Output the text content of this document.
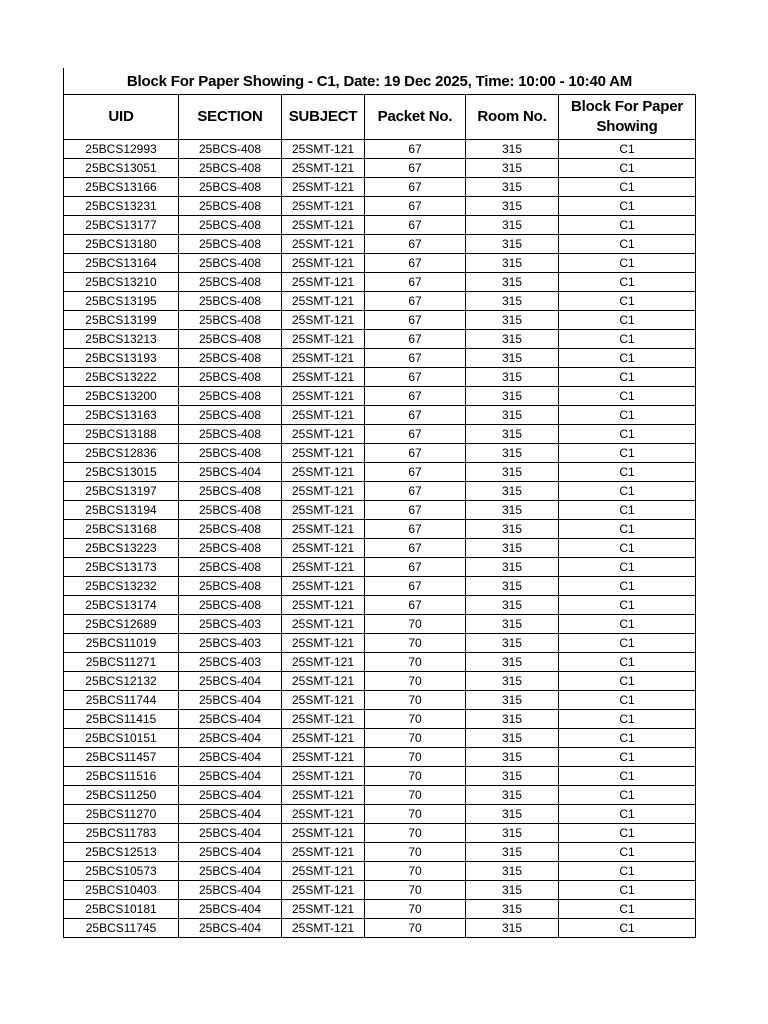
Block For Paper Showing - C1, Date: 19 Dec 2025, Time: 10:00 - 10:40 AM
UID	SECTION	SUBJECT	Packet No.	Room No.	Block For Paper Showing
25BCS12993	25BCS-408	25SMT-121	67	315	C1
25BCS13051	25BCS-408	25SMT-121	67	315	C1
25BCS13166	25BCS-408	25SMT-121	67	315	C1
25BCS13231	25BCS-408	25SMT-121	67	315	C1
25BCS13177	25BCS-408	25SMT-121	67	315	C1
25BCS13180	25BCS-408	25SMT-121	67	315	C1
25BCS13164	25BCS-408	25SMT-121	67	315	C1
25BCS13210	25BCS-408	25SMT-121	67	315	C1
25BCS13195	25BCS-408	25SMT-121	67	315	C1
25BCS13199	25BCS-408	25SMT-121	67	315	C1
25BCS13213	25BCS-408	25SMT-121	67	315	C1
25BCS13193	25BCS-408	25SMT-121	67	315	C1
25BCS13222	25BCS-408	25SMT-121	67	315	C1
25BCS13200	25BCS-408	25SMT-121	67	315	C1
25BCS13163	25BCS-408	25SMT-121	67	315	C1
25BCS13188	25BCS-408	25SMT-121	67	315	C1
25BCS12836	25BCS-408	25SMT-121	67	315	C1
25BCS13015	25BCS-404	25SMT-121	67	315	C1
25BCS13197	25BCS-408	25SMT-121	67	315	C1
25BCS13194	25BCS-408	25SMT-121	67	315	C1
25BCS13168	25BCS-408	25SMT-121	67	315	C1
25BCS13223	25BCS-408	25SMT-121	67	315	C1
25BCS13173	25BCS-408	25SMT-121	67	315	C1
25BCS13232	25BCS-408	25SMT-121	67	315	C1
25BCS13174	25BCS-408	25SMT-121	67	315	C1
25BCS12689	25BCS-403	25SMT-121	70	315	C1
25BCS11019	25BCS-403	25SMT-121	70	315	C1
25BCS11271	25BCS-403	25SMT-121	70	315	C1
25BCS12132	25BCS-404	25SMT-121	70	315	C1
25BCS11744	25BCS-404	25SMT-121	70	315	C1
25BCS11415	25BCS-404	25SMT-121	70	315	C1
25BCS10151	25BCS-404	25SMT-121	70	315	C1
25BCS11457	25BCS-404	25SMT-121	70	315	C1
25BCS11516	25BCS-404	25SMT-121	70	315	C1
25BCS11250	25BCS-404	25SMT-121	70	315	C1
25BCS11270	25BCS-404	25SMT-121	70	315	C1
25BCS11783	25BCS-404	25SMT-121	70	315	C1
25BCS12513	25BCS-404	25SMT-121	70	315	C1
25BCS10573	25BCS-404	25SMT-121	70	315	C1
25BCS10403	25BCS-404	25SMT-121	70	315	C1
25BCS10181	25BCS-404	25SMT-121	70	315	C1
25BCS11745	25BCS-404	25SMT-121	70	315	C1
